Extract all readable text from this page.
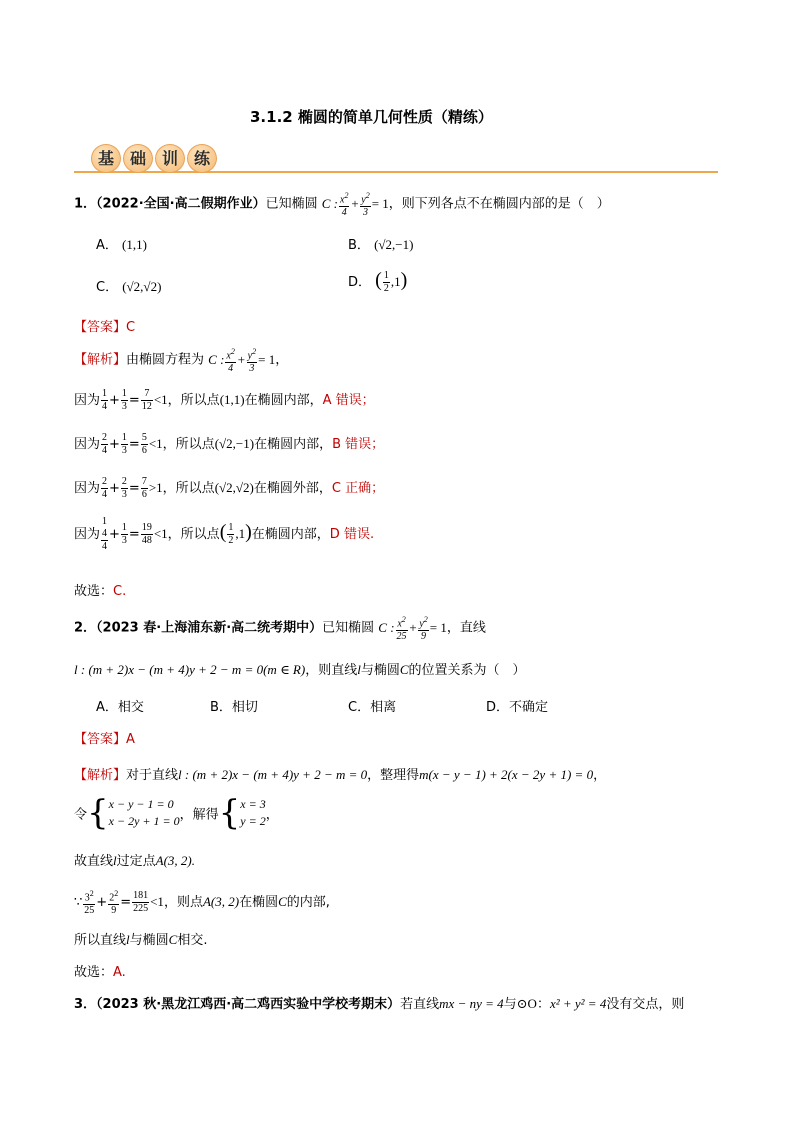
3.1.2 椭圆的简单几何性质（精练）
基 础 训 练
1．（2022·全国·高二假期作业）已知椭圆 C : $\frac{x^2}{4} + \frac{y^2}{3} = 1$，则下列各点不在椭圆内部的是（　）
A． (1,1)	B． (√2,−1)
C． (√2,√2)	D． ( $\frac{1}{2} ,1$)
【答案】C
【解析】由椭圆方程为 C : $\frac{x^2}{4} + \frac{y^2}{3} = 1$，
因为 $\frac{1}{4} + \frac{1}{3} = \frac{7}{12} <1$，所以点(1,1)在椭圆内部，A 错误；
因为 $\frac{2}{4} + \frac{1}{3} = \frac{5}{6} <1$，所以点(√2,−1)在椭圆内部，B 错误；
因为 $\frac{2}{4} + \frac{2}{3} = \frac{7}{6} >1$，所以点(√2,√2)在椭圆外部，C 正确；
因为
1
4
4
+ $\frac{1}{3} = \frac{19}{48} <1$，所以点( $\frac{1}{2} ,1$)在椭圆内部，D 错误.
故选：C.
2．（2023 春·上海浦东新·高二统考期中）已知椭圆 C : $\frac{x^2}{25} + \frac{y^2}{9} = 1$，直线
l : (m + 2)x − (m + 4)y + 2 − m = 0(m ∈ R)，则直线l与椭圆C的位置关系为（　）
A．相交	B．相切	C．相离	D．不确定
【答案】A
【解析】对于直线l : (m + 2)x − (m + 4)y + 2 − m = 0，整理得m(x − y − 1) + 2(x − 2y + 1) = 0，
令{ x − y − 1 = 0
x − 2y + 1 = 0 ，解得{ x = 3
y = 2 ，
故直线l过定点A(3, 2).
∵ $\frac{3^2}{25} + \frac{2^2}{9} = \frac{181}{225} <1$，则点A(3, 2)在椭圆C的内部,
所以直线l与椭圆C相交.
故选：A.
3．（2023 秋·黑龙江鸡西·高二鸡西实验中学校考期末）若直线mx − ny = 4与⊙O：x² + y² = 4没有交点，则
